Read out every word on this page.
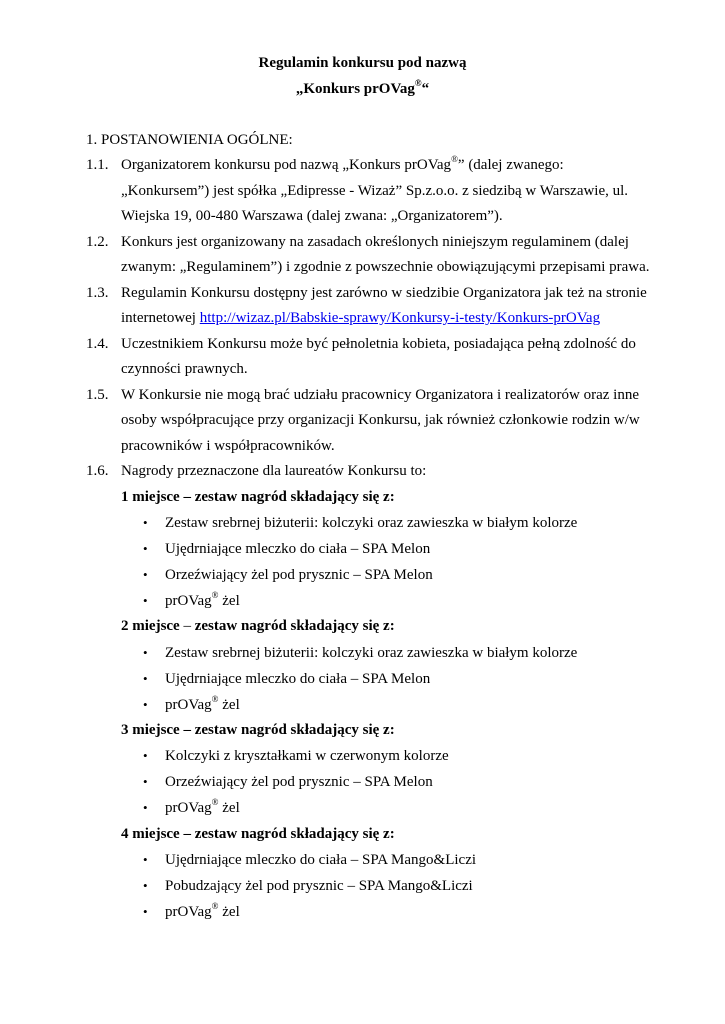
Regulamin konkursu pod nazwą
„Konkurs prOVag®“
1. POSTANOWIENIA OGÓLNE:
1.1. Organizatorem konkursu pod nazwą „Konkurs prOVag®” (dalej zwanego:
„Konkursem”) jest spółka „Edipresse - Wizaż” Sp.z.o.o. z siedzibą w Warszawie, ul.
Wiejska 19, 00-480 Warszawa (dalej zwana: „Organizatorem”).
1.2. Konkurs jest organizowany na zasadach określonych niniejszym regulaminem (dalej
zwanym: „Regulaminem”) i zgodnie z powszechnie obowiązującymi przepisami prawa.
1.3. Regulamin Konkursu dostępny jest zarówno w siedzibie Organizatora jak też na stronie
internetowej http://wizaz.pl/Babskie-sprawy/Konkursy-i-testy/Konkurs-prOVag
1.4. Uczestnikiem Konkursu może być pełnoletnia kobieta, posiadająca pełną zdolność do
czynności prawnych.
1.5. W Konkursie nie mogą brać udziału pracownicy Organizatora i realizatorów oraz inne
osoby współpracujące przy organizacji Konkursu, jak również członkowie rodzin w/w
pracowników i współpracowników.
1.6. Nagrody przeznaczone dla laureatów Konkursu to:
1 miejsce – zestaw nagród składający się z:
• Zestaw srebrnej biżuterii: kolczyki oraz zawieszka w białym kolorze
• Ujędrniające mleczko do ciała – SPA Melon
• Orzeźwiający żel pod prysznic – SPA Melon
• prOVag® żel
2 miejsce – zestaw nagród składający się z:
• Zestaw srebrnej biżuterii: kolczyki oraz zawieszka w białym kolorze
• Ujędrniające mleczko do ciała – SPA Melon
• prOVag® żel
3 miejsce – zestaw nagród składający się z:
• Kolczyki z kryształkami w czerwonym kolorze
• Orzeźwiający żel pod prysznic – SPA Melon
• prOVag® żel
4 miejsce – zestaw nagród składający się z:
• Ujędrniające mleczko do ciała – SPA Mango&Liczi
• Pobudzający żel pod prysznic – SPA Mango&Liczi
• prOVag® żel
